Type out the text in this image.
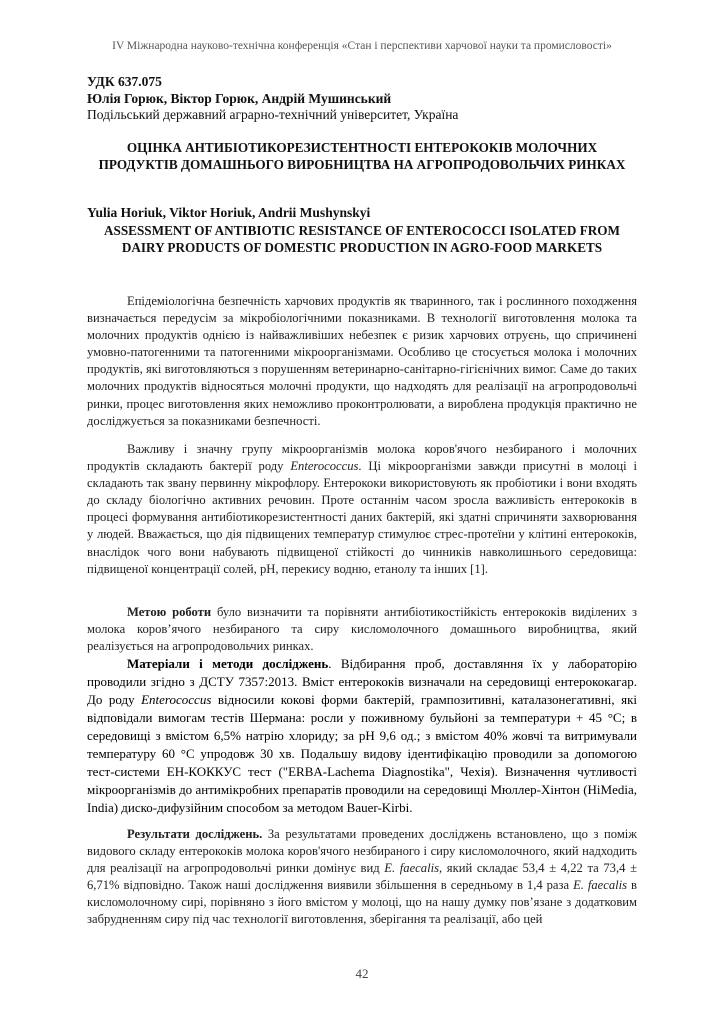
IV Міжнародна науково-технічна конференція «Стан і перспективи харчової науки та промисловості»
УДК 637.075
Юлія Горюк, Віктор Горюк, Андрій Мушинський
Подільський державний аграрно-технічний університет, Україна
ОЦІНКА АНТИБІОТИКОРЕЗИСТЕНТНОСТІ ЕНТЕРОКОКІВ МОЛОЧНИХ ПРОДУКТІВ ДОМАШНЬОГО ВИРОБНИЦТВА НА АГРОПРОДОВОЛЬЧИХ РИНКАХ
Yulia Horiuk, Viktor Horiuk, Andrii Mushynskyi
ASSESSMENT OF ANTIBIOTIC RESISTANCE OF ENTEROCOCCI ISOLATED FROM DAIRY PRODUCTS OF DOMESTIC PRODUCTION IN AGRO-FOOD MARKETS
Епідеміологічна безпечність харчових продуктів як тваринного, так і рослинного походження визначається передусім за мікробіологічними показниками. В технології виготовлення молока та молочних продуктів однією із найважливіших небезпек є ризик харчових отруєнь, що спричинені умовно-патогенними та патогенними мікроорганізмами. Особливо це стосується молока і молочних продуктів, які виготовляються з порушенням ветеринарно-санітарно-гігієнічних вимог. Саме до таких молочних продуктів відносяться молочні продукти, що надходять для реалізації на агропродовольчі ринки, процес виготовлення яких неможливо проконтролювати, а вироблена продукція практично не досліджується за показниками безпечності.
Важливу і значну групу мікроорганізмів молока коров'ячого незбираного і молочних продуктів складають бактерії роду Enterococcus. Ці мікроорганізми завжди присутні в молоці і складають так звану первинну мікрофлору. Ентерококи використовують як пробіотики і вони входять до складу біологічно активних речовин. Проте останнім часом зросла важливість ентерококів в процесі формування антибіотикорезистентності даних бактерій, які здатні спричиняти захворювання у людей. Вважається, що дія підвищених температур стимулює стрес-протеїни у клітині ентерококів, внаслідок чого вони набувають підвищеної стійкості до чинників навколишнього середовища: підвищеної концентрації солей, pH, перекису водню, етанолу та інших [1].
Метою роботи було визначити та порівняти антибіотикостійкість ентерококів виділених з молока коров’ячого незбираного та сиру кисломолочного домашнього виробництва, який реалізується на агропродовольчих ринках.
Матеріали і методи досліджень. Відбирання проб, доставляння їх у лабораторію проводили згідно з ДСТУ 7357:2013. Вміст ентерококів визначали на середовищі ентерококагар. До роду Enterococcus відносили кокові форми бактерій, грампозитивні, каталазонегативні, які відповідали вимогам тестів Шермана: росли у поживному бульйоні за температури + 45 °С; в середовищі з вмістом 6,5% натрію хлориду; за pH 9,6 од.; з вмістом 40% жовчі та витримували температуру 60 °С упродовж 30 хв. Подальшу видову ідентифікацію проводили за допомогою тест-системи ЕН-КОККУС тест ("ERBA-Lachema Diagnostika", Чехія). Визначення чутливості мікроорганізмів до антимікробних препаратів проводили на середовищі Мюллер-Хінтон (HiMedia, India) диско-дифузійним способом за методом Bauer-Kirbi.
Результати досліджень. За результатами проведених досліджень встановлено, що з поміж видового складу ентерококів молока коров'ячого незбираного і сиру кисломолочного, який надходить для реалізації на агропродовольчі ринки домінує вид E. faecalis, який складає 53,4 ± 4,22 та 73,4 ± 6,71% відповідно. Також наші дослідження виявили збільшення в середньому в 1,4 раза E. faecalis в кисломолочному сирі, порівняно з його вмістом у молоці, що на нашу думку пов’язане з додатковим забрудненням сиру під час технології виготовлення, зберігання та реалізації, або цей
42
